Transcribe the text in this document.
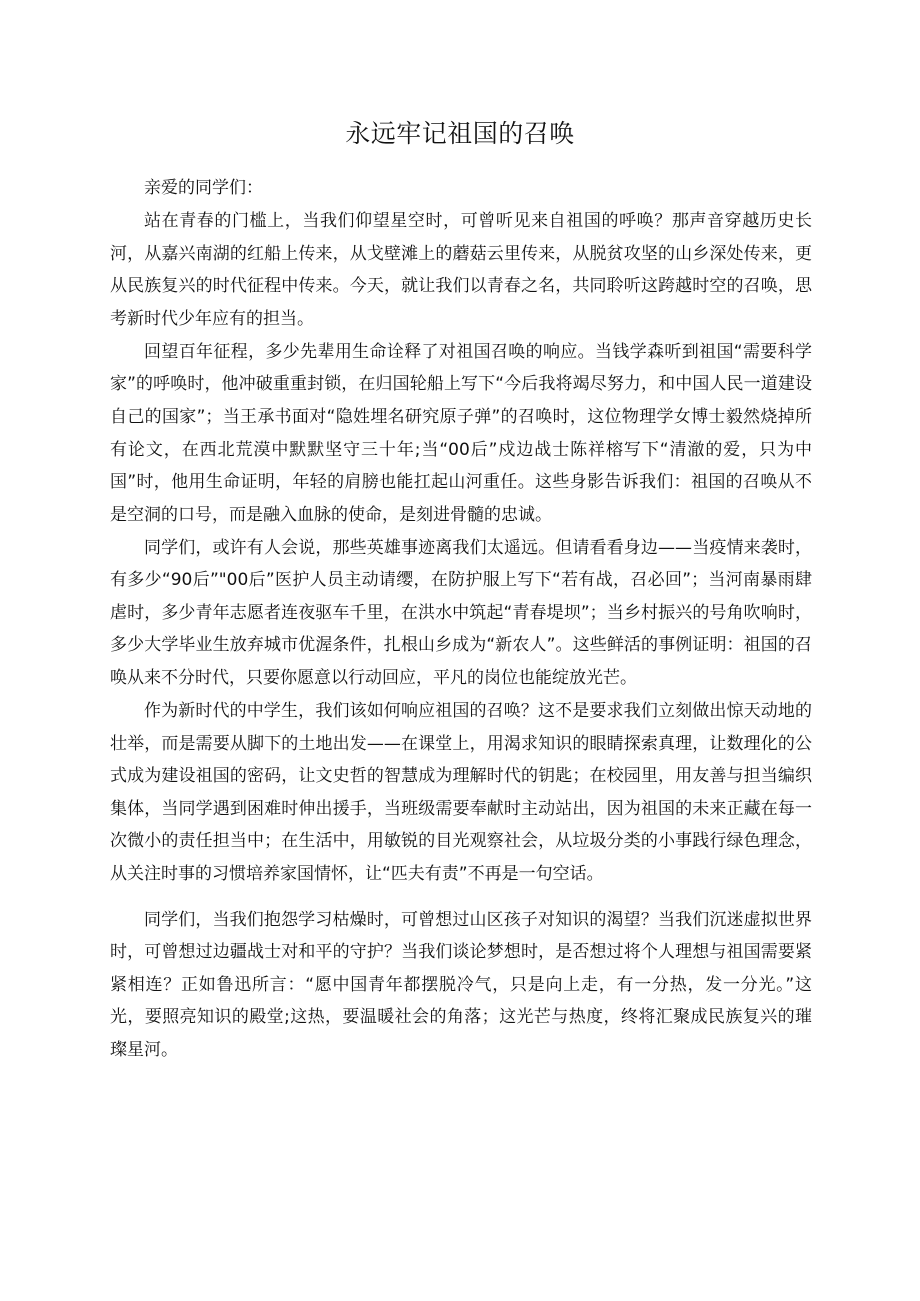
永远牢记祖国的召唤

亲爱的同学们：

站在青春的门槛上，当我们仰望星空时，可曾听见来自祖国的呼唤？那声音穿越历史长河，从嘉兴南湖的红船上传来，从戈壁滩上的蘑菇云里传来，从脱贫攻坚的山乡深处传来，更从民族复兴的时代征程中传来。今天，就让我们以青春之名，共同聆听这跨越时空的召唤，思考新时代少年应有的担当。

回望百年征程，多少先辈用生命诠释了对祖国召唤的响应。当钱学森听到祖国“需要科学家”的呼唤时，他冲破重重封锁，在归国轮船上写下“今后我将竭尽努力，和中国人民一道建设自己的国家”；当王承书面对“隐姓埋名研究原子弹”的召唤时，这位物理学女博士毅然烧掉所有论文，在西北荒漠中默默坚守三十年;当“00后”戍边战士陈祥榕写下“清澈的爱，只为中国”时，他用生命证明，年轻的肩膀也能扛起山河重任。这些身影告诉我们：祖国的召唤从不是空洞的口号，而是融入血脉的使命，是刻进骨髓的忠诚。

同学们，或许有人会说，那些英雄事迹离我们太遥远。但请看看身边——当疫情来袭时，有多少“90后”"00后”医护人员主动请缨，在防护服上写下“若有战，召必回”；当河南暴雨肆虐时，多少青年志愿者连夜驱车千里，在洪水中筑起“青春堤坝”；当乡村振兴的号角吹响时，多少大学毕业生放弃城市优渥条件，扎根山乡成为“新农人”。这些鲜活的事例证明：祖国的召唤从来不分时代，只要你愿意以行动回应，平凡的岗位也能绽放光芒。

作为新时代的中学生，我们该如何响应祖国的召唤？这不是要求我们立刻做出惊天动地的壮举，而是需要从脚下的土地出发——在课堂上，用渴求知识的眼睛探索真理，让数理化的公式成为建设祖国的密码，让文史哲的智慧成为理解时代的钥匙；在校园里，用友善与担当编织集体，当同学遇到困难时伸出援手，当班级需要奉献时主动站出，因为祖国的未来正藏在每一次微小的责任担当中；在生活中，用敏锐的目光观察社会，从垃圾分类的小事践行绿色理念，从关注时事的习惯培养家国情怀，让“匹夫有责”不再是一句空话。

同学们，当我们抱怨学习枯燥时，可曾想过山区孩子对知识的渴望？当我们沉迷虚拟世界时，可曾想过边疆战士对和平的守护？当我们谈论梦想时，是否想过将个人理想与祖国需要紧紧相连？正如鲁迅所言：“愿中国青年都摆脱冷气，只是向上走，有一分热，发一分光。”这光，要照亮知识的殿堂;这热，要温暖社会的角落；这光芒与热度，终将汇聚成民族复兴的璀璨星河。
